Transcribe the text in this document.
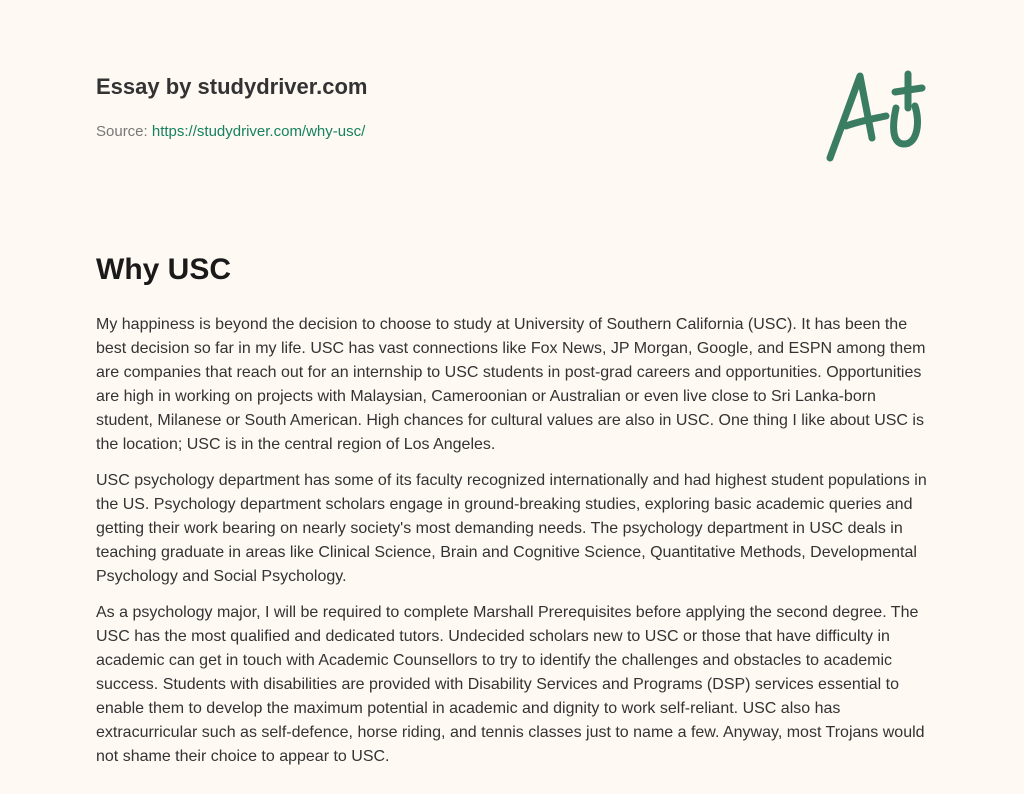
Essay by studydriver.com
Source: https://studydriver.com/why-usc/
Why USC

My happiness is beyond the decision to choose to study at University of Southern California (USC). It has been the best decision so far in my life. USC has vast connections like Fox News, JP Morgan, Google, and ESPN among them are companies that reach out for an internship to USC students in post-grad careers and opportunities. Opportunities are high in working on projects with Malaysian, Cameroonian or Australian or even live close to Sri Lanka-born student, Milanese or South American. High chances for cultural values are also in USC. One thing I like about USC is the location; USC is in the central region of Los Angeles.

USC psychology department has some of its faculty recognized internationally and had highest student populations in the US. Psychology department scholars engage in ground-breaking studies, exploring basic academic queries and getting their work bearing on nearly society's most demanding needs. The psychology department in USC deals in teaching graduate in areas like Clinical Science, Brain and Cognitive Science, Quantitative Methods, Developmental Psychology and Social Psychology.

As a psychology major, I will be required to complete Marshall Prerequisites before applying the second degree. The USC has the most qualified and dedicated tutors. Undecided scholars new to USC or those that have difficulty in academic can get in touch with Academic Counsellors to try to identify the challenges and obstacles to academic success. Students with disabilities are provided with Disability Services and Programs (DSP) services essential to enable them to develop the maximum potential in academic and dignity to work self-reliant. USC also has extracurricular such as self-defence, horse riding, and tennis classes just to name a few. Anyway, most Trojans would not shame their choice to appear to USC.
